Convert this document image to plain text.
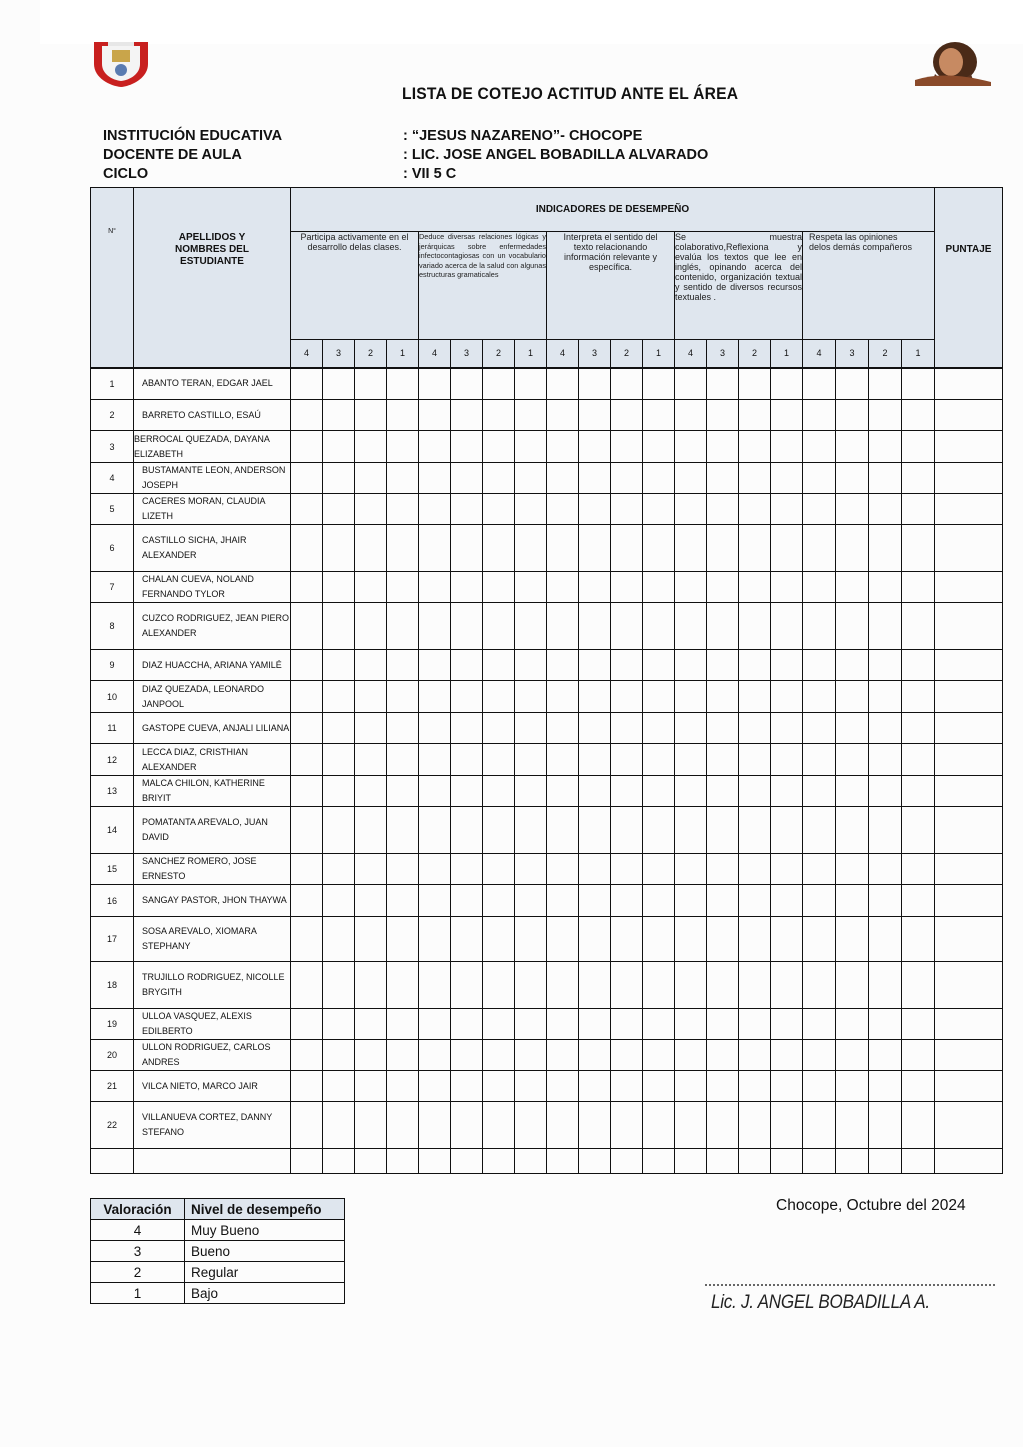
LISTA DE COTEJO ACTITUD ANTE EL ÁREA
INSTITUCIÓN EDUCATIVA	: “JESUS NAZARENO”- CHOCOPE
DOCENTE DE AULA	: LIC. JOSE ANGEL BOBADILLA ALVARADO
CICLO	: VII 5 C
N°	APELLIDOS Y NOMBRES DEL ESTUDIANTE	INDICADORES DE DESEMPEÑO																				PUNTAJE
		Participa activamente en el desarrollo delas clases.				Deduce diversas relaciones lógicas y jerárquicas sobre enfermedades infectocontagiosas con un vocabulario variado acerca de la salud con algunas estructuras gramaticales				Interpreta el sentido del texto relacionando información relevante y específica.				Se muestra colaborativo,Reflexiona y evalúa los textos que lee en inglés, opinando acerca del contenido, organización textual y sentido de diversos recursos textuales .				Respeta las opiniones delos demás compañeros				
		4	3	2	1	4	3	2	1	4	3	2	1	4	3	2	1	4	3	2	1	
1	ABANTO TERAN, EDGAR JAEL																					
2	BARRETO CASTILLO, ESAÚ																					
3	BERROCAL QUEZADA, DAYANA ELIZABETH																					
4	BUSTAMANTE LEON, ANDERSON JOSEPH																					
5	CACERES MORAN, CLAUDIA LIZETH																					
6	CASTILLO SICHA, JHAIR ALEXANDER																					
7	CHALAN CUEVA, NOLAND FERNANDO TYLOR																					
8	CUZCO RODRIGUEZ, JEAN PIERO ALEXANDER																					
9	DIAZ HUACCHA, ARIANA YAMILÉ																					
10	DIAZ QUEZADA, LEONARDO JANPOOL																					
11	GASTOPE CUEVA, ANJALI LILIANA																					
12	LECCA DIAZ, CRISTHIAN ALEXANDER																					
13	MALCA CHILON, KATHERINE BRIYIT																					
14	POMATANTA AREVALO, JUAN DAVID																					
15	SANCHEZ ROMERO, JOSE ERNESTO																					
16	SANGAY PASTOR, JHON THAYWA																					
17	SOSA AREVALO, XIOMARA STEPHANY																					
18	TRUJILLO RODRIGUEZ, NICOLLE BRYGITH																					
19	ULLOA VASQUEZ, ALEXIS EDILBERTO																					
20	ULLON RODRIGUEZ, CARLOS ANDRES																					
21	VILCA NIETO, MARCO JAIR																					
22	VILLANUEVA CORTEZ, DANNY STEFANO																					

Valoración	Nivel de desempeño
4	Muy Bueno
3	Bueno
2	Regular
1	Bajo
Chocope, Octubre del 2024
Lic. J. ANGEL BOBADILLA A.
